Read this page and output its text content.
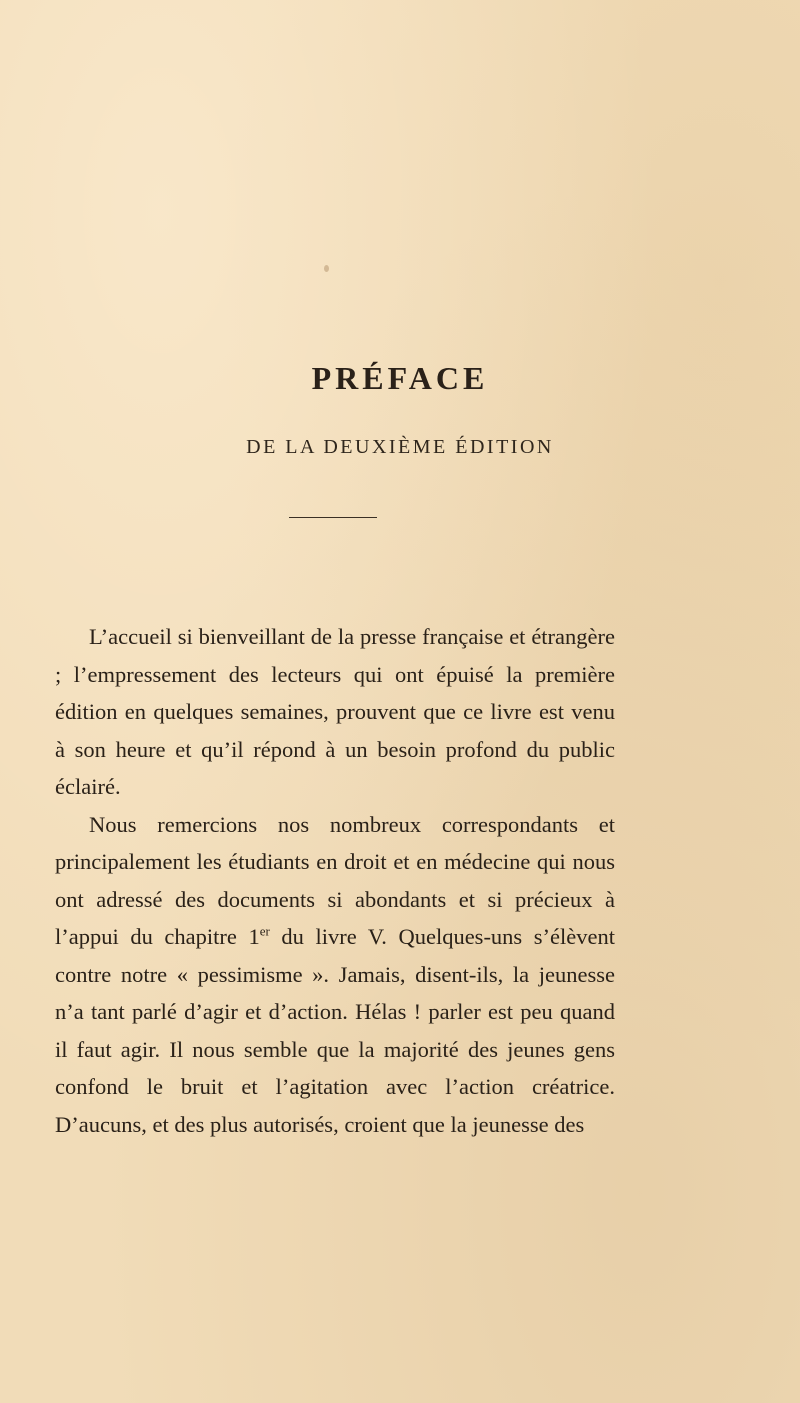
PRÉFACE
DE LA DEUXIÈME ÉDITION

L’accueil si bienveillant de la presse française et étrangère ; l’empressement des lecteurs qui ont épuisé la première édition en quelques semaines, prouvent que ce livre est venu à son heure et qu’il répond à un besoin profond du public éclairé.

Nous remercions nos nombreux correspondants et principalement les étudiants en droit et en médecine qui nous ont adressé des documents si abondants et si précieux à l’appui du chapitre 1er du livre V. Quelques-uns s’élèvent contre notre « pessimisme ». Jamais, disent-ils, la jeunesse n’a tant parlé d’agir et d’action. Hélas ! parler est peu quand il faut agir. Il nous semble que la majorité des jeunes gens confond le bruit et l’agitation avec l’action créatrice. D’aucuns, et des plus autorisés, croient que la jeunesse des
